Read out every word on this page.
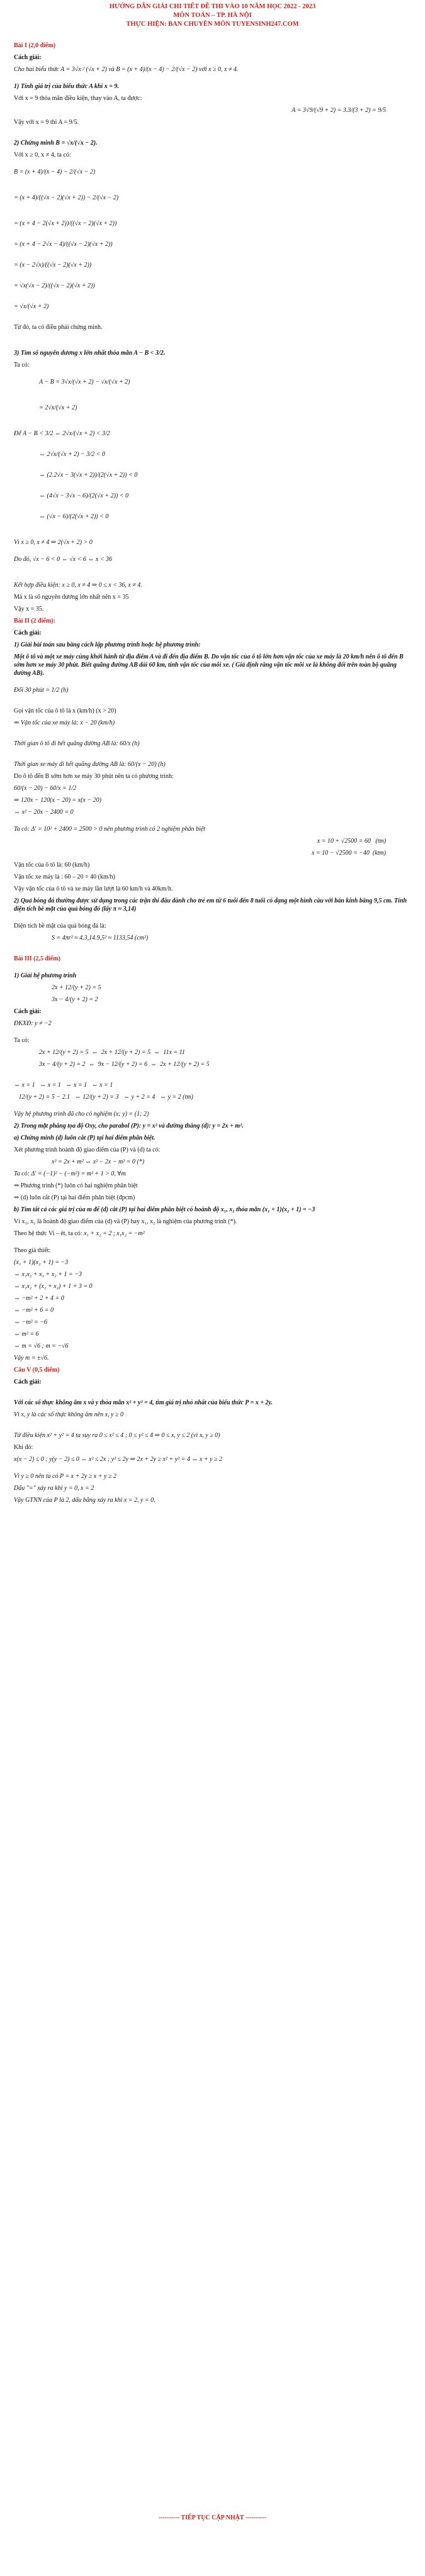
HƯỚNG DẪN GIẢI CHI TIẾT ĐỀ THI VÀO 10 NĂM HỌC 2022 - 2023
MÔN TOÁN – TP. HÀ NỘI
THỰC HIỆN: BAN CHUYÊN MÔN TUYENSINH247.COM
Bài I (2,0 điểm)
Cách giải:
Cho hai biểu thức A = 3√x / (√x + 2) và B = (x + 4)/(x − 4) − 2/(√x − 2) với x ≥ 0, x ≠ 4.
1) Tính giá trị của biểu thức A khi x = 9.
Với x = 9 thỏa mãn điều kiện, thay vào A, ta được:
A = 3√9/(√9 + 2) = 3.3/(3 + 2) = 9/5
Vậy với x = 9 thì A = 9/5.
2) Chứng minh B = √x/(√x − 2).
Với x ≥ 0, x ≠ 4, ta có:
B = (x + 4)/(x − 4) − 2/(√x − 2)
= (x + 4)/((√x − 2)(√x + 2)) − 2/(√x − 2)
= (x + 4 − 2(√x + 2))/((√x − 2)(√x + 2))
= (x + 4 − 2√x − 4)/((√x − 2)(√x + 2))
= (x − 2√x)/((√x − 2)(√x + 2))
= √x(√x − 2)/((√x − 2)(√x + 2))
= √x/(√x + 2)
Từ đó, ta có điều phải chứng minh.
3) Tìm số nguyên dương x lớn nhất thỏa mãn A − B < 3/2.
Ta có:
A − B = 3√x/(√x + 2) − √x/(√x + 2)
= 2√x/(√x + 2)
Để A − B < 3/2 ⇔ 2√x/(√x + 2) < 3/2
⇔ 2√x/(√x + 2) − 3/2 < 0
⇔ (2.2√x − 3(√x + 2))/(2(√x + 2)) < 0
⇔ (4√x − 3√x − 6)/(2(√x + 2)) < 0
⇔ (√x − 6)/(2(√x + 2)) < 0
Vì x ≥ 0, x ≠ 4 ⇒ 2(√x + 2) > 0
Do đó, √x − 6 < 0 ⇔ √x < 6 ⇔ x < 36
Kết hợp điều kiện: x ≥ 0, x ≠ 4 ⇒ 0 ≤ x < 36, x ≠ 4.
Mà x là số nguyên dương lớn nhất nên x = 35
Vậy x = 35.
Bài II (2 điểm):
Cách giải:
1) Giải bài toán sau bằng cách lập phương trình hoặc hệ phương trình:
Một ô tô và một xe máy cùng khởi hành từ địa điểm A và đi đến địa điểm B. Do vận tốc của ô tô lớn hơn vận tốc của xe máy là 20 km/h nên ô tô đến B sớm hơn xe máy 30 phút. Biết quãng đường AB dài 60 km, tính vận tốc của mỗi xe. ( Giả định rằng vận tốc mỗi xe là không đổi trên toàn bộ quãng đường AB).
Đổi 30 phút = 1/2 (h)
Gọi vận tốc của ô tô là x (km/h) (x > 20)
⇒ Vận tốc của xe máy là: x − 20 (km/h)
Thời gian ô tô đi hết quãng đường AB là: 60/x (h)
Thời gian xe máy đi hết quãng đường AB là: 60/(x − 20) (h)
Do ô tô đến B sớm hơn xe máy 30 phút nên ta có phương trình:
60/(x − 20) − 60/x = 1/2
⇒ 120x − 120(x − 20) = x(x − 20)
⇔ x² − 20x − 2400 = 0
Ta có: Δ' = 10² + 2400 = 2500 > 0 nên phương trình có 2 nghiệm phân biệt
x = 10 + √2500 = 60   (tm)
x = 10 − √2500 = −40  (ktm)
Vận tốc của ô tô là: 60 (km/h)
Vận tốc xe máy là : 60 – 20 = 40 (km/h)
Vậy vận tốc của ô tô và xe máy lần lượt là 60 km/h và 40km/h.
2) Quả bóng đá thường được sử dụng trong các trận thi đấu dành cho trẻ em từ 6 tuổi đến 8 tuổi có dạng một hình cầu với bán kính bằng 9,5 cm. Tính diện tích bề mặt của quả bóng đó (lấy π ≈ 3,14)
Diện tích bề mặt của quả bóng đá là:
S = 4πr² ≈ 4.3,14.9,5² ≈ 1133,54 (cm²)
Bài III (2,5 điểm)
1) Giải hệ phương trình
2x + 12/(y + 2) = 5
3x − 4/(y + 2) = 2
Cách giải:
ĐKXĐ: y ≠ −2
Ta có:
2x + 12/(y + 2) = 5  ⇔  2x + 12/(y + 2) = 5  ⇔  11x = 11
3x − 4/(y + 2) = 2  ⇔  9x − 12/(y + 2) = 6  ⇔  2x + 12/(y + 2) = 5
⇔ x = 1   ⇔ x = 1   ⇔ x = 1   ⇔ x = 1
12/(y + 2) = 5 − 2.1   ⇔ 12/(y + 2) = 3   ⇔ y + 2 = 4   ⇔ y = 2 (tm)
Vậy hệ phương trình đã cho có nghiệm (x; y) = (1; 2)
2) Trong mặt phẳng tọa độ Oxy, cho parabol (P): y = x² và đường thẳng (d): y = 2x + m².
a) Chứng minh (d) luôn cắt (P) tại hai điểm phân biệt.
Xét phương trình hoành độ giao điểm của (P) và (d) ta có:
x² = 2x + m² ⇔ x² − 2x − m² = 0 (*)
Ta có: Δ' = (−1)² − (−m²) = m² + 1 > 0, ∀m
⇒ Phương trình (*) luôn có hai nghiệm phân biệt
⇒ (d) luôn cắt (P) tại hai điểm phân biệt (đpcm)
b) Tìm tất cả các giá trị của m để (d) cắt (P) tại hai điểm phân biệt có hoành độ x₁, x₂ thỏa mãn (x₁ + 1)(x₂ + 1) = −3
Vì x₁, x₂ là hoành độ giao điểm của (d) và (P) hay x₁, x₂ là nghiệm của phương trình (*).
Theo hệ thức Vi – ét, ta có: x₁ + x₂ = 2 ; x₁x₂ = −m²
Theo giả thiết:
(x₁ + 1)(x₂ + 1) = −3
⇔ x₁x₂ + x₁ + x₂ + 1 = −3
⇔ x₁x₂ + (x₁ + x₂) + 1 + 3 = 0
⇔ −m² + 2 + 4 = 0
⇔ −m² + 6 = 0
⇔ −m² = −6
⇔ m² = 6
⇔ m = √6 ; m = −√6
Vậy m = ±√6.
Câu V (0,5 điểm)
Cách giải:
Với các số thực không âm x và y thỏa mãn x² + y² = 4, tìm giá trị nhỏ nhất của biểu thức P = x + 2y.
Vì x, y là các số thực không âm nên x, y ≥ 0
Từ điều kiện x² + y² = 4 ta suy ra 0 ≤ x² ≤ 4 ; 0 ≤ y² ≤ 4 ⇒ 0 ≤ x, y ≤ 2 (vì x, y ≥ 0)
Khi đó:
x(x − 2) ≤ 0 ; y(y − 2) ≤ 0 ⇔ x² ≤ 2x ; y² ≤ 2y ⇒ 2x + 2y ≥ x² + y² = 4 ⇔ x + y ≥ 2
Vì y ≥ 0 nên ta có P = x + 2y ≥ x + y ≥ 2
Dấu "=" xảy ra khi y = 0, x = 2
Vậy GTNN của P là 2, dấu bằng xảy ra khi x = 2, y = 0.
---------- TIẾP TỤC CẬP NHẬT ----------
